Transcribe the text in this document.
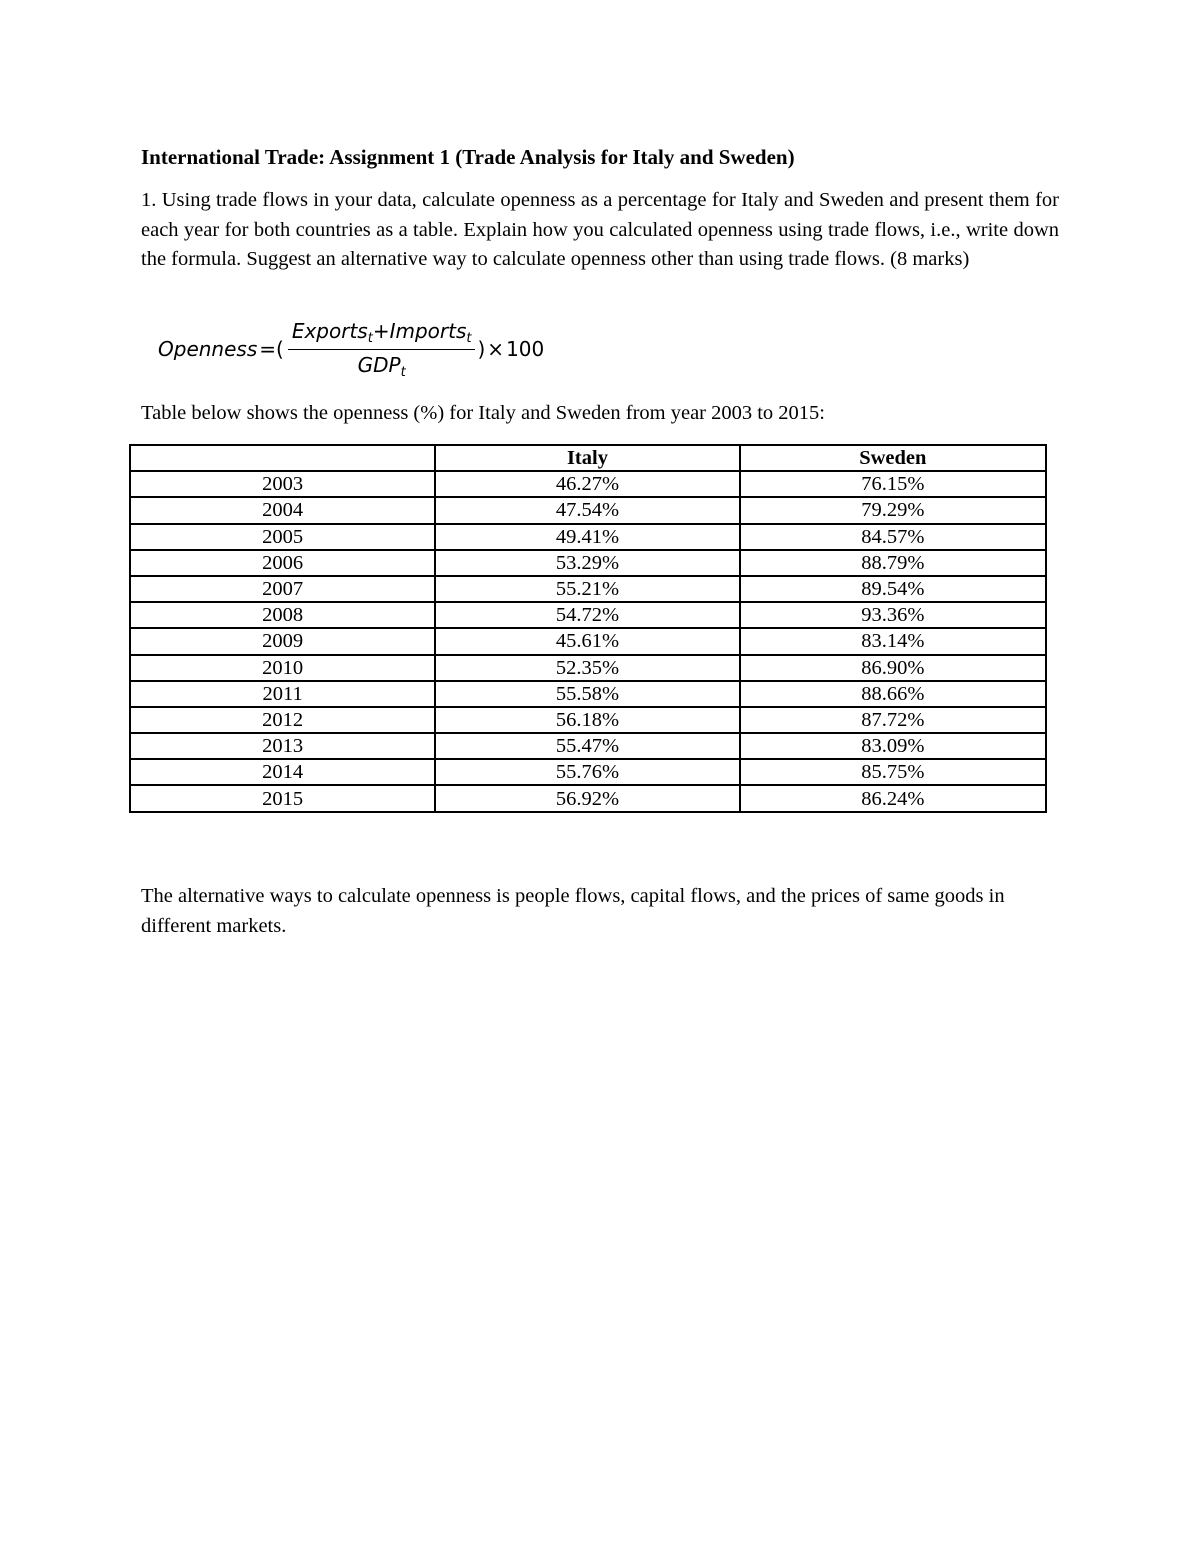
International Trade: Assignment 1 (Trade Analysis for Italy and Sweden)
1. Using trade flows in your data, calculate openness as a percentage for Italy and Sweden and present them for each year for both countries as a table. Explain how you calculated openness using trade flows, i.e., write down the formula. Suggest an alternative way to calculate openness other than using trade flows. (8 marks)
Openness =( $\frac{Exports_t+Imports_t}{GDP_t}$ ) × 100
Table below shows the openness (%) for Italy and Sweden from year 2003 to 2015:
	Italy	Sweden
2003	46.27%	76.15%
2004	47.54%	79.29%
2005	49.41%	84.57%
2006	53.29%	88.79%
2007	55.21%	89.54%
2008	54.72%	93.36%
2009	45.61%	83.14%
2010	52.35%	86.90%
2011	55.58%	88.66%
2012	56.18%	87.72%
2013	55.47%	83.09%
2014	55.76%	85.75%
2015	56.92%	86.24%
The alternative ways to calculate openness is people flows, capital flows, and the prices of same goods in different markets.
